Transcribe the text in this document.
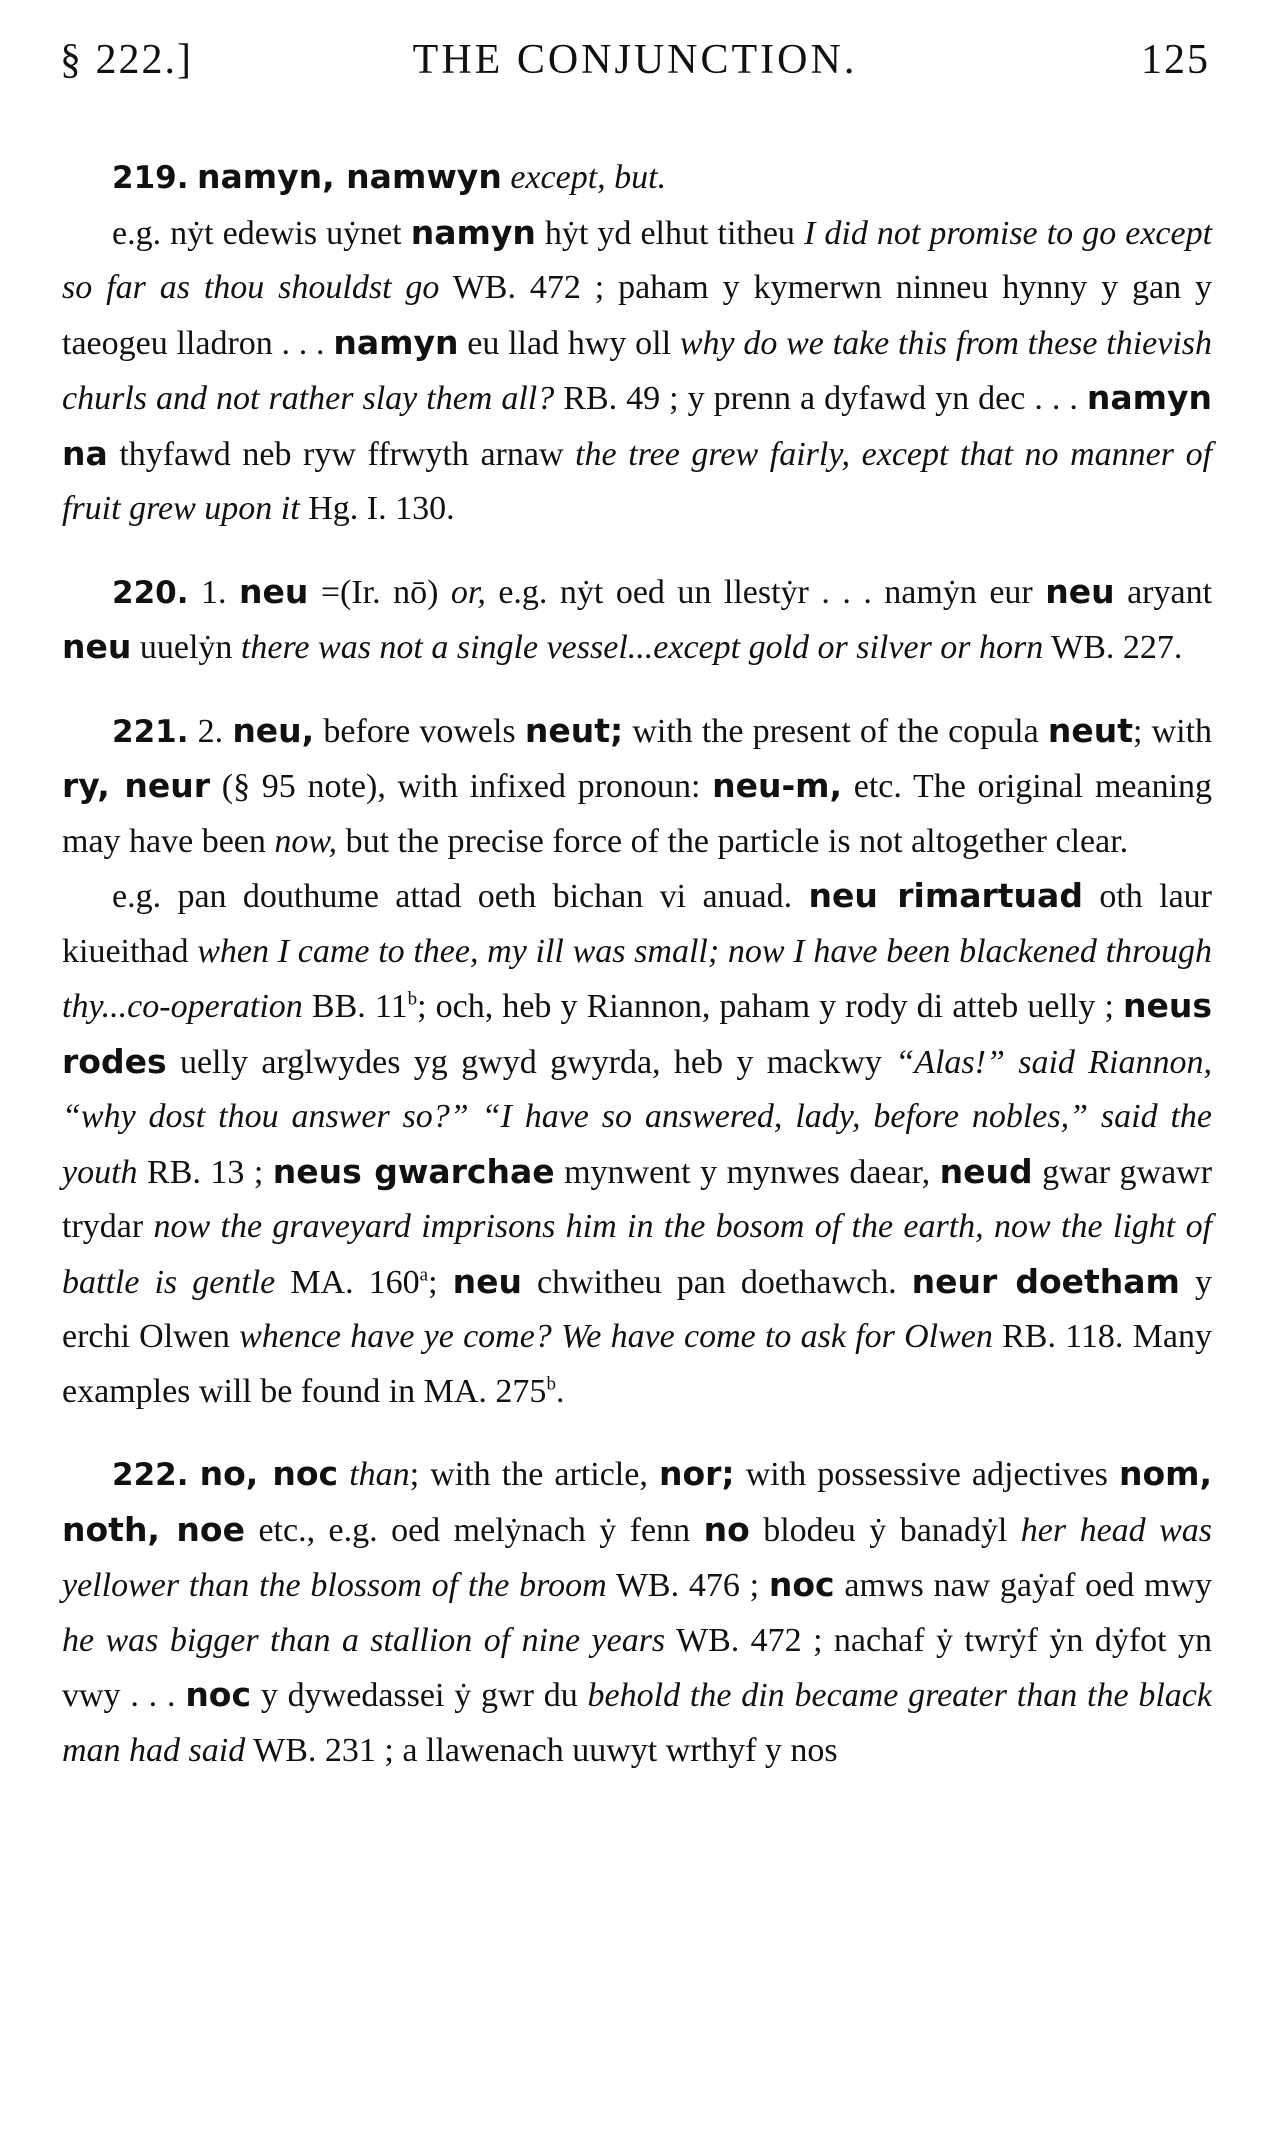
§ 222.]	THE CONJUNCTION.	125

219. namyn, namwyn except, but.

e.g. nẏt edewis uẏnet namyn hẏt yd elhut titheu I did not promise to go except so far as thou shouldst go WB. 472 ; paham y kymerwn ninneu hynny y gan y taeogeu lladron . . . namyn eu llad hwy oll why do we take this from these thievish churls and not rather slay them all? RB. 49 ; y prenn a dyfawd yn dec . . . namyn na thyfawd neb ryw ffrwyth arnaw the tree grew fairly, except that no manner of fruit grew upon it Hg. I. 130.

220. 1. neu =(Ir. nō) or, e.g. nẏt oed un llestẏr . . . namẏn eur neu aryant neu uuelẏn there was not a single vessel...except gold or silver or horn WB. 227.

221. 2. neu, before vowels neut; with the present of the copula neut; with ry, neur (§ 95 note), with infixed pronoun: neu-m, etc. The original meaning may have been now, but the precise force of the particle is not altogether clear.

e.g. pan douthume attad oeth bichan vi anuad. neu rimartuad oth laur kiueithad when I came to thee, my ill was small; now I have been blackened through thy...co-operation BB. 11$^b$; och, heb y Riannon, paham y rody di atteb uelly ; neus rodes uelly arglwydes yg gwyd gwyrda, heb y mackwy “Alas!” said Riannon, “why dost thou answer so?” “I have so answered, lady, before nobles,” said the youth RB. 13 ; neus gwarchae mynwent y mynwes daear, neud gwar gwawr trydar now the graveyard imprisons him in the bosom of the earth, now the light of battle is gentle MA. 160$^a$; neu chwitheu pan doethawch. neur doetham y erchi Olwen whence have ye come? We have come to ask for Olwen RB. 118. Many examples will be found in MA. 275$^b$.

222. no, noc than; with the article, nor; with possessive adjectives nom, noth, noe etc., e.g. oed melẏnach ẏ fenn no blodeu ẏ banadẏl her head was yellower than the blossom of the broom WB. 476 ; noc amws naw gaẏaf oed mwy he was bigger than a stallion of nine years WB. 472 ; nachaf ẏ twrẏf ẏn dẏfot yn vwy . . . noc y dywedassei ẏ gwr du behold the din became greater than the black man had said WB. 231 ; a llawenach uuwyt wrthyf y nos
